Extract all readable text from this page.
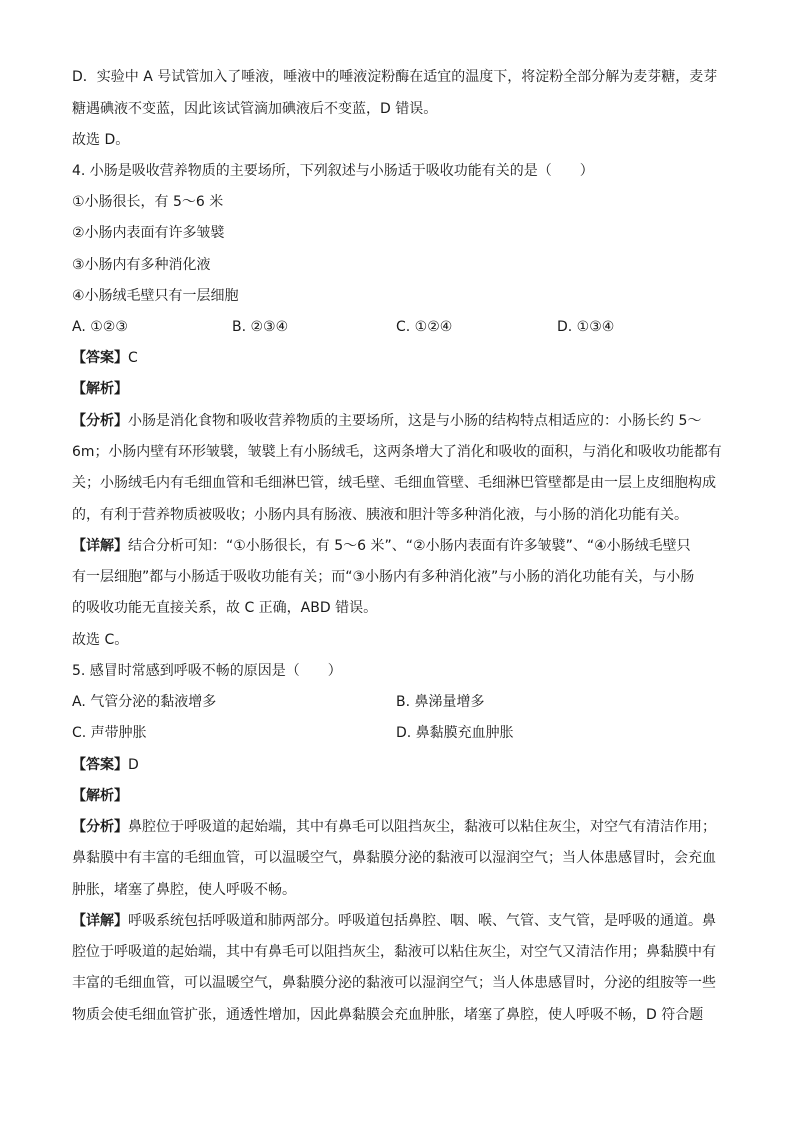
D．实验中 A 号试管加入了唾液，唾液中的唾液淀粉酶在适宜的温度下，将淀粉全部分解为麦芽糖，麦芽
糖遇碘液不变蓝，因此该试管滴加碘液后不变蓝，D 错误。
故选 D。
4. 小肠是吸收营养物质的主要场所，下列叙述与小肠适于吸收功能有关的是（　　）
①小肠很长，有 5～6 米
②小肠内表面有许多皱襞
③小肠内有多种消化液
④小肠绒毛壁只有一层细胞
A. ①②③	B. ②③④	C. ①②④	D. ①③④
【答案】C
【解析】
【分析】小肠是消化食物和吸收营养物质的主要场所，这是与小肠的结构特点相适应的：小肠长约 5～
6m；小肠内壁有环形皱襞，皱襞上有小肠绒毛，这两条增大了消化和吸收的面积，与消化和吸收功能都有
关；小肠绒毛内有毛细血管和毛细淋巴管，绒毛壁、毛细血管壁、毛细淋巴管壁都是由一层上皮细胞构成
的，有利于营养物质被吸收；小肠内具有肠液、胰液和胆汁等多种消化液，与小肠的消化功能有关。
【详解】结合分析可知：“①小肠很长，有 5～6 米”、“②小肠内表面有许多皱襞”、“④小肠绒毛壁只
有一层细胞”都与小肠适于吸收功能有关；而“③小肠内有多种消化液”与小肠的消化功能有关，与小肠
的吸收功能无直接关系，故 C 正确，ABD 错误。
故选 C。
5. 感冒时常感到呼吸不畅的原因是（　　）
A. 气管分泌的黏液增多	B. 鼻涕量增多
C. 声带肿胀	D. 鼻黏膜充血肿胀
【答案】D
【解析】
【分析】鼻腔位于呼吸道的起始端，其中有鼻毛可以阻挡灰尘，黏液可以粘住灰尘，对空气有清洁作用；
鼻黏膜中有丰富的毛细血管，可以温暖空气，鼻黏膜分泌的黏液可以湿润空气；当人体患感冒时，会充血
肿胀，堵塞了鼻腔，使人呼吸不畅。
【详解】呼吸系统包括呼吸道和肺两部分。呼吸道包括鼻腔、咽、喉、气管、支气管，是呼吸的通道。鼻
腔位于呼吸道的起始端，其中有鼻毛可以阻挡灰尘，黏液可以粘住灰尘，对空气又清洁作用；鼻黏膜中有
丰富的毛细血管，可以温暖空气，鼻黏膜分泌的黏液可以湿润空气；当人体患感冒时，分泌的组胺等一些
物质会使毛细血管扩张，通透性增加，因此鼻黏膜会充血肿胀，堵塞了鼻腔，使人呼吸不畅，D 符合题
